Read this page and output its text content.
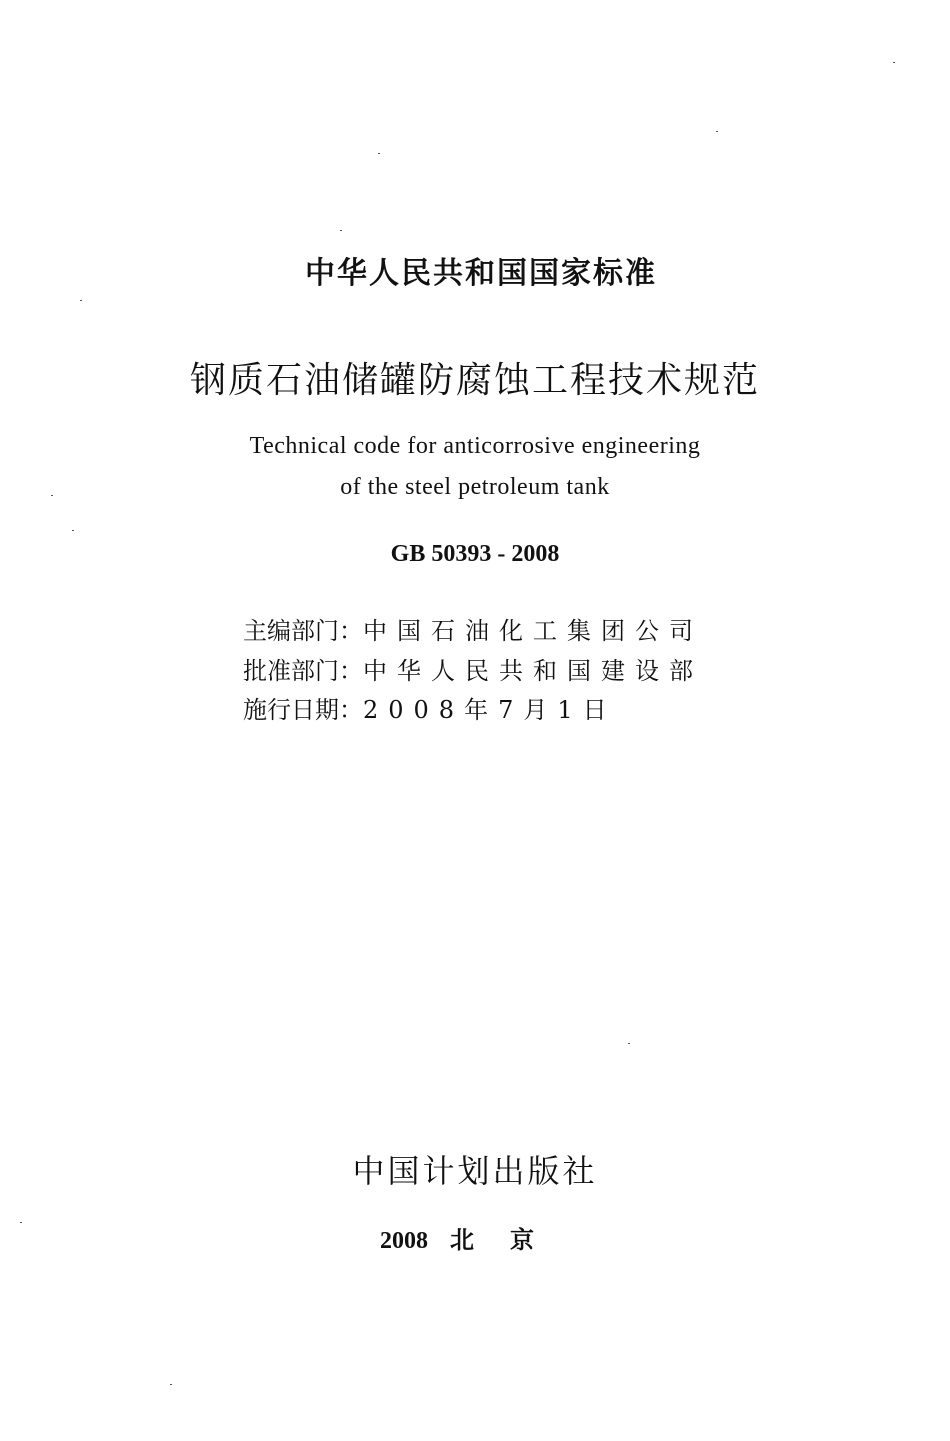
中华人民共和国国家标准
钢质石油储罐防腐蚀工程技术规范
Technical code for anticorrosive engineering
of the steel petroleum tank
GB 50393 - 2008
主编部门：中国石油化工集团公司
批准部门：中华人民共和国建设部
施行日期：2008年7月1日
中国计划出版社
2008 北京
